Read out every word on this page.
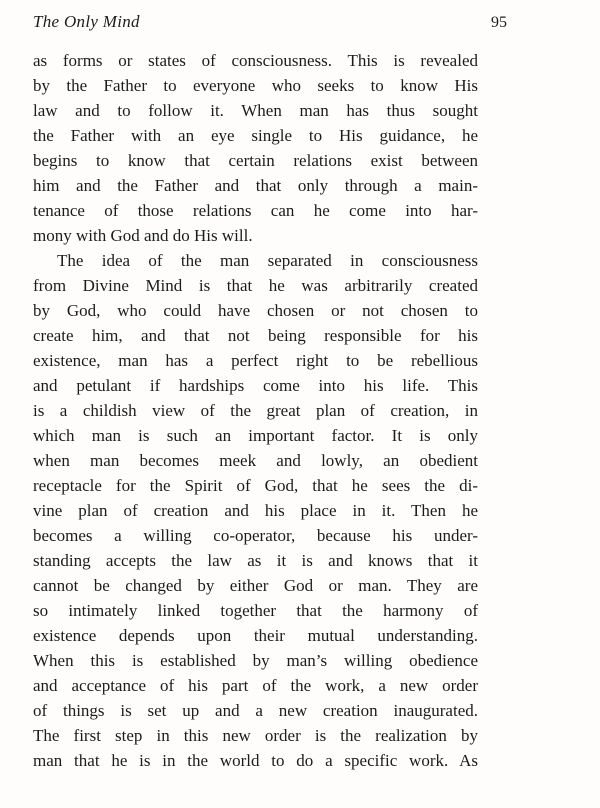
The Only Mind	95
as forms or states of consciousness. This is revealed
by the Father to everyone who seeks to know His
law and to follow it. When man has thus sought
the Father with an eye single to His guidance, he
begins to know that certain relations exist between
him and the Father and that only through a main-
tenance of those relations can he come into har-
mony with God and do His will.
The idea of the man separated in consciousness
from Divine Mind is that he was arbitrarily created
by God, who could have chosen or not chosen to
create him, and that not being responsible for his
existence, man has a perfect right to be rebellious
and petulant if hardships come into his life. This
is a childish view of the great plan of creation, in
which man is such an important factor. It is only
when man becomes meek and lowly, an obedient
receptacle for the Spirit of God, that he sees the di-
vine plan of creation and his place in it. Then he
becomes a willing co-operator, because his under-
standing accepts the law as it is and knows that it
cannot be changed by either God or man. They are
so intimately linked together that the harmony of
existence depends upon their mutual understanding.
When this is established by man’s willing obedience
and acceptance of his part of the work, a new order
of things is set up and a new creation inaugurated.
The first step in this new order is the realization by
man that he is in the world to do a specific work. As
